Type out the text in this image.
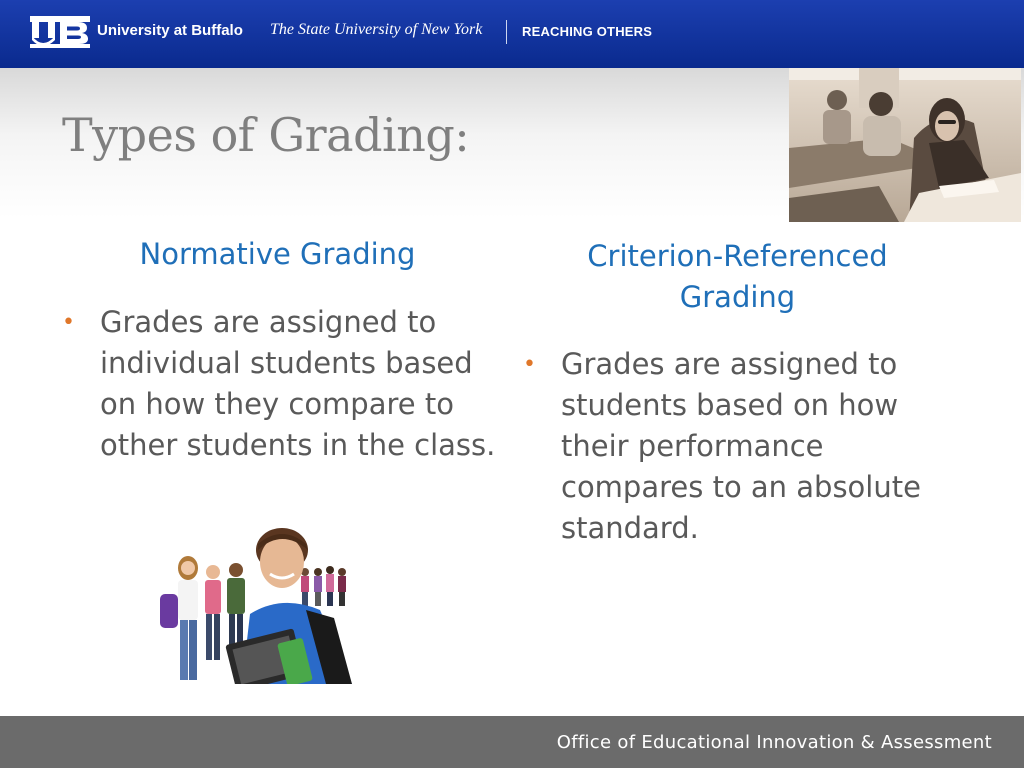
UB
University at Buffalo The State University of New York	REACHING OTHERS
Types of Grading:
Normative Grading

• Grades are assigned to individual students based on how they compare to other students in the class.

Criterion-Referenced Grading

• Grades are assigned to students based on how their performance compares to an absolute standard.

Office of Educational Innovation & Assessment
